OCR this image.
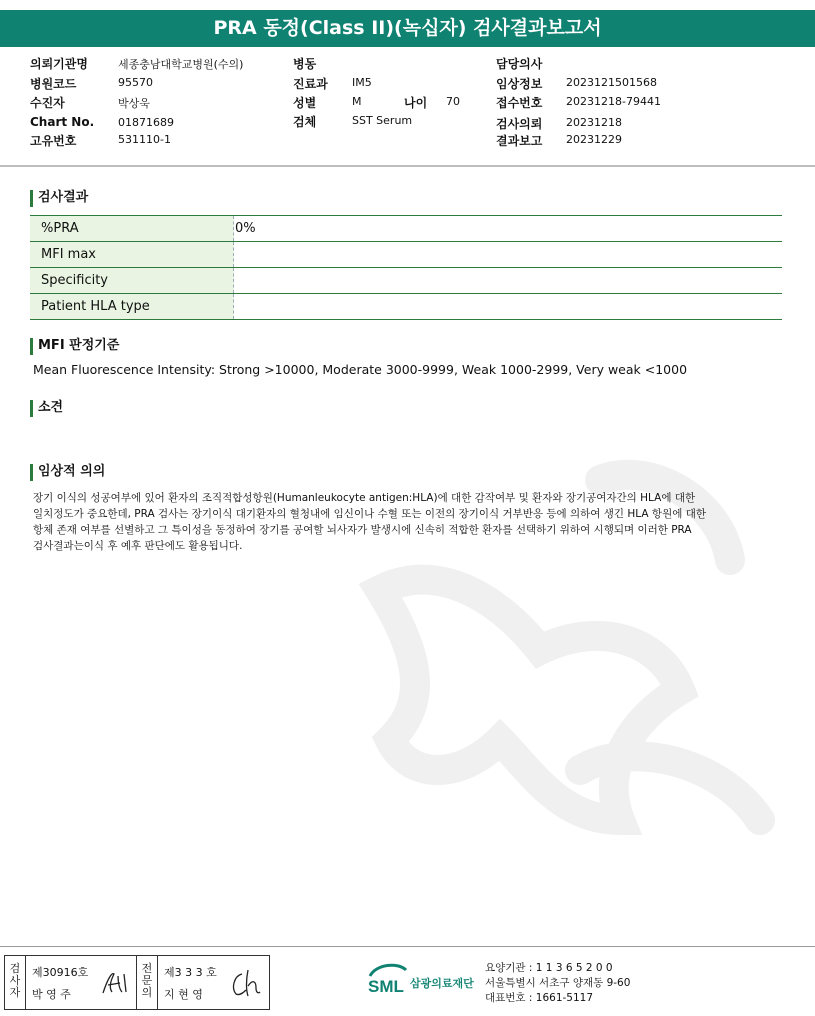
PRA 동정(Class II)(녹십자) 검사결과보고서
의뢰기관명	세종충남대학교병원(수의)
병원코드	95570
수진자	박상욱
Chart No. 01871689
고유번호	531110-1
병동
진료과 IM5
성별	M	나이 70
검체	SST Serum
담당의사
임상정보 2023121501568
접수번호 20231218-79441
검사의뢰 20231218
결과보고 20231229
검사결과
%PRA	0%
MFI max
Specificity
Patient HLA type
MFI 판정기준
Mean Fluorescence Intensity: Strong >10000, Moderate 3000-9999, Weak 1000-2999, Very weak <1000
소견
임상적 의의
장기 이식의 성공여부에 있어 환자의 조직적합성항원(Humanleukocyte antigen:HLA)에 대한 감작여부 및 환자와 장기공여자간의 HLA에 대한
일치정도가 중요한데, PRA 검사는 장기이식 대기환자의 혈청내에 임신이나 수혈 또는 이전의 장기이식 거부반응 등에 의하여 생긴 HLA 항원에 대한
항체 존재 여부를 선별하고 그 특이성을 동정하여 장기를 공여할 뇌사자가 발생시에 신속히 적합한 환자를 선택하기 위하여 시행되며 이러한 PRA
검사결과는이식 후 예후 판단에도 활용됩니다.
검
사
자
제30916호
박 영 주
전
문
의
제3 3 3 호
지 현 영	SML 삼광의료재단
요양기관 : 1 1 3 6 5 2 0 0
서울특별시 서초구 양재동 9-60
대표번호 : 1661-5117
